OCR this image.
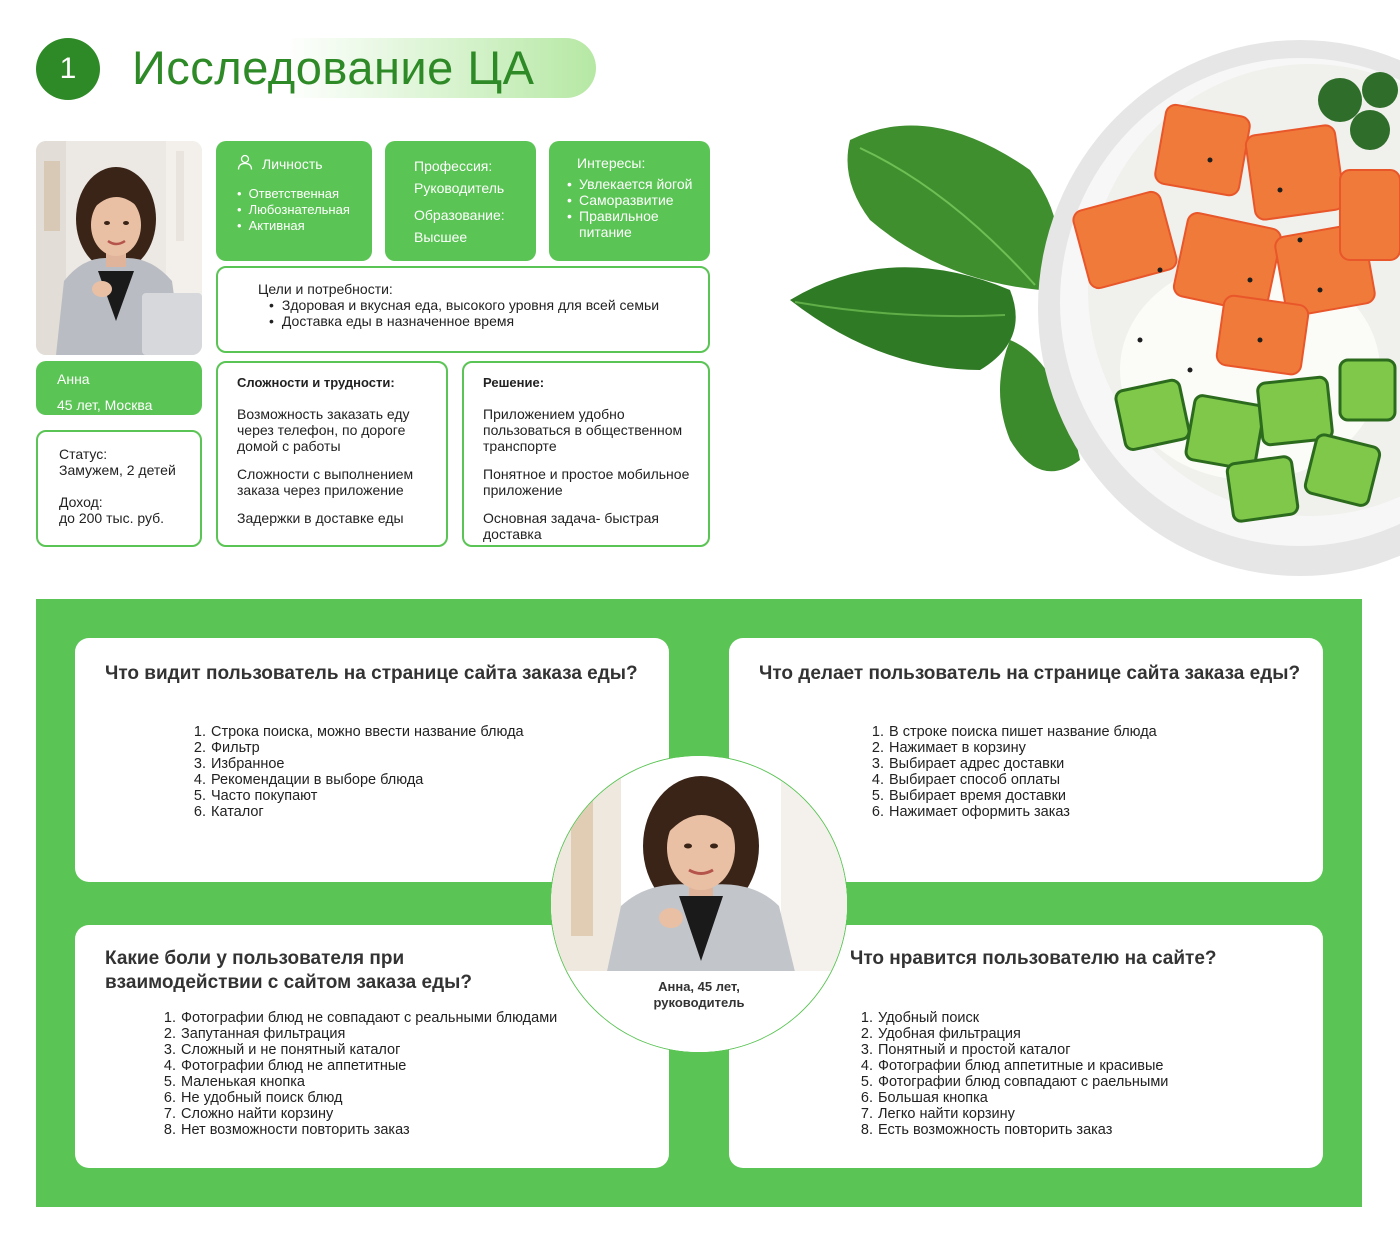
1	Исследование ЦА
Анна
45 лет, Москва
Статус:
Замужем, 2 детей
Доход:
до 200 тыс. руб.
Личность
• Ответственная
• Любознательная
• Активная
Профессия:
Руководитель
Образование:
Высшее
Интересы:
• Увлекается йогой
• Саморазвитие
• Правильное питание
Цели и потребности:
• Здоровая и вкусная еда, высокого уровня для всей семьи
• Доставка еды в назначенное время
Сложности и трудности:
Возможность заказать еду через телефон, по дороге домой с работы
Сложности с выполнением заказа через приложение
Задержки в доставке еды
Решение:
Приложением удобно пользоваться в общественном транспорте
Понятное и простое мобильное приложение
Основная задача- быстрая доставка
Что видит пользователь на странице сайта заказа еды?
1. Строка поиска, можно ввести название блюда
2. Фильтр
3. Избранное
4. Рекомендации в выборе блюда
5. Часто покупают
6. Каталог
Что делает пользователь на странице сайта заказа еды?
1. В строке поиска пишет название блюда
2. Нажимает в корзину
3. Выбирает адрес доставки
4. Выбирает способ оплаты
5. Выбирает время доставки
6. Нажимает оформить заказ
Какие боли у пользователя при
взаимодействии с сайтом заказа еды?
1. Фотографии блюд не совпадают с реальными блюдами
2. Запутанная фильтрация
3. Сложный и не понятный каталог
4. Фотографии блюд не аппетитные
5. Маленькая кнопка
6. Не удобный поиск блюд
7. Сложно найти корзину
8. Нет возможности повторить заказ
Что нравится пользователю на сайте?
1. Удобный поиск
2. Удобная фильтрация
3. Понятный и простой каталог
4. Фотографии блюд аппетитные и красивые
5. Фотографии блюд совпадают с раельными
6. Большая кнопка
7. Легко найти корзину
8. Есть возможность повторить заказ
Анна, 45 лет,
руководитель
